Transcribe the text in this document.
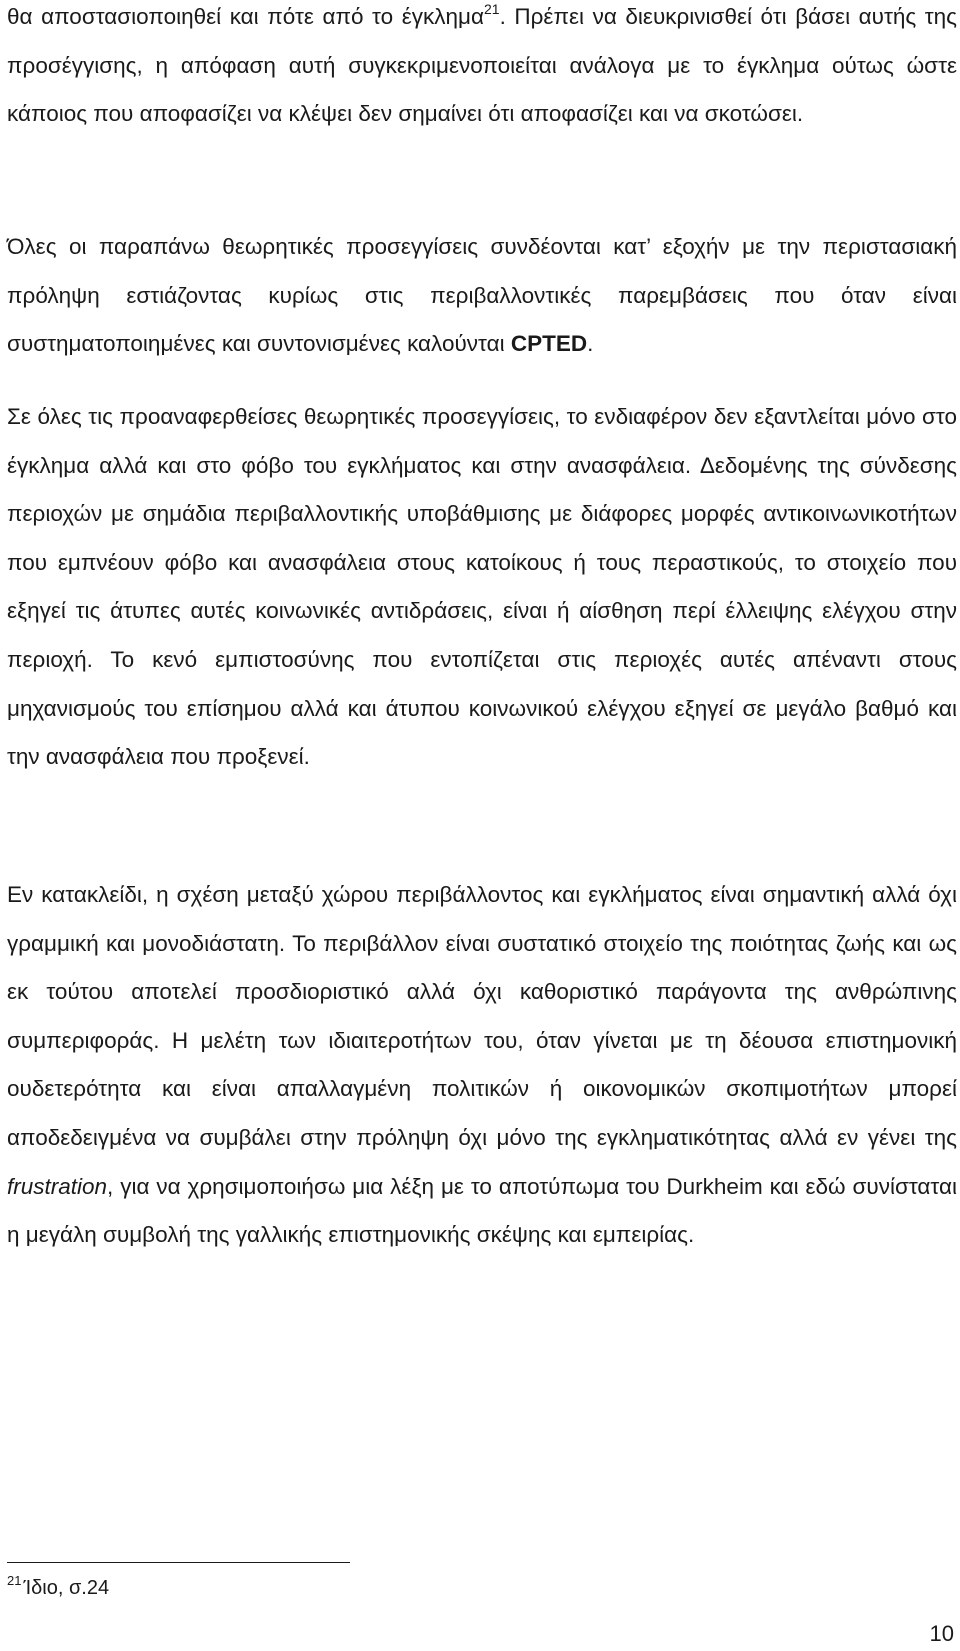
θα αποστασιοποιηθεί και πότε από το έγκλημα$^{21}$. Πρέπει να διευκρινισθεί ότι βάσει αυτής της προσέγγισης, η απόφαση αυτή συγκεκριμενοποιείται ανάλογα με το έγκλημα ούτως ώστε κάποιος που αποφασίζει να κλέψει δεν σημαίνει ότι αποφασίζει και να σκοτώσει.

Όλες οι παραπάνω θεωρητικές προσεγγίσεις συνδέονται κατ’ εξοχήν με την περιστασιακή πρόληψη εστιάζοντας κυρίως στις περιβαλλοντικές παρεμβάσεις που όταν είναι συστηματοποιημένες και συντονισμένες καλούνται CPTED.

Σε όλες τις προαναφερθείσες θεωρητικές προσεγγίσεις, το ενδιαφέρον δεν εξαντλείται μόνο στο έγκλημα αλλά και στο φόβο του εγκλήματος και στην ανασφάλεια. Δεδομένης της σύνδεσης περιοχών με σημάδια περιβαλλοντικής υποβάθμισης με διάφορες μορφές αντικοινωνικοτήτων που εμπνέουν φόβο και ανασφάλεια στους κατοίκους ή τους περαστικούς, το στοιχείο που εξηγεί τις άτυπες αυτές κοινωνικές αντιδράσεις, είναι ή αίσθηση περί έλλειψης ελέγχου στην περιοχή. Το κενό εμπιστοσύνης που εντοπίζεται στις περιοχές αυτές απέναντι στους μηχανισμούς του επίσημου αλλά και άτυπου κοινωνικού ελέγχου εξηγεί σε μεγάλο βαθμό και την ανασφάλεια που προξενεί.

Εν κατακλείδι, η σχέση μεταξύ χώρου περιβάλλοντος και εγκλήματος είναι σημαντική αλλά όχι γραμμική και μονοδιάστατη. Το περιβάλλον είναι συστατικό στοιχείο της ποιότητας ζωής και ως εκ τούτου αποτελεί προσδιοριστικό αλλά όχι καθοριστικό παράγοντα της ανθρώπινης συμπεριφοράς. Η μελέτη των ιδιαιτεροτήτων του, όταν γίνεται με τη δέουσα επιστημονική ουδετερότητα και είναι απαλλαγμένη πολιτικών ή οικονομικών σκοπιμοτήτων μπορεί αποδεδειγμένα να συμβάλει στην πρόληψη όχι μόνο της εγκληματικότητας αλλά εν γένει της frustration, για να χρησιμοποιήσω μια λέξη με το αποτύπωμα του Durkheim και εδώ συνίσταται η μεγάλη συμβολή της γαλλικής επιστημονικής σκέψης και εμπειρίας.

$^{21}$ Ίδιο, σ.24
10
